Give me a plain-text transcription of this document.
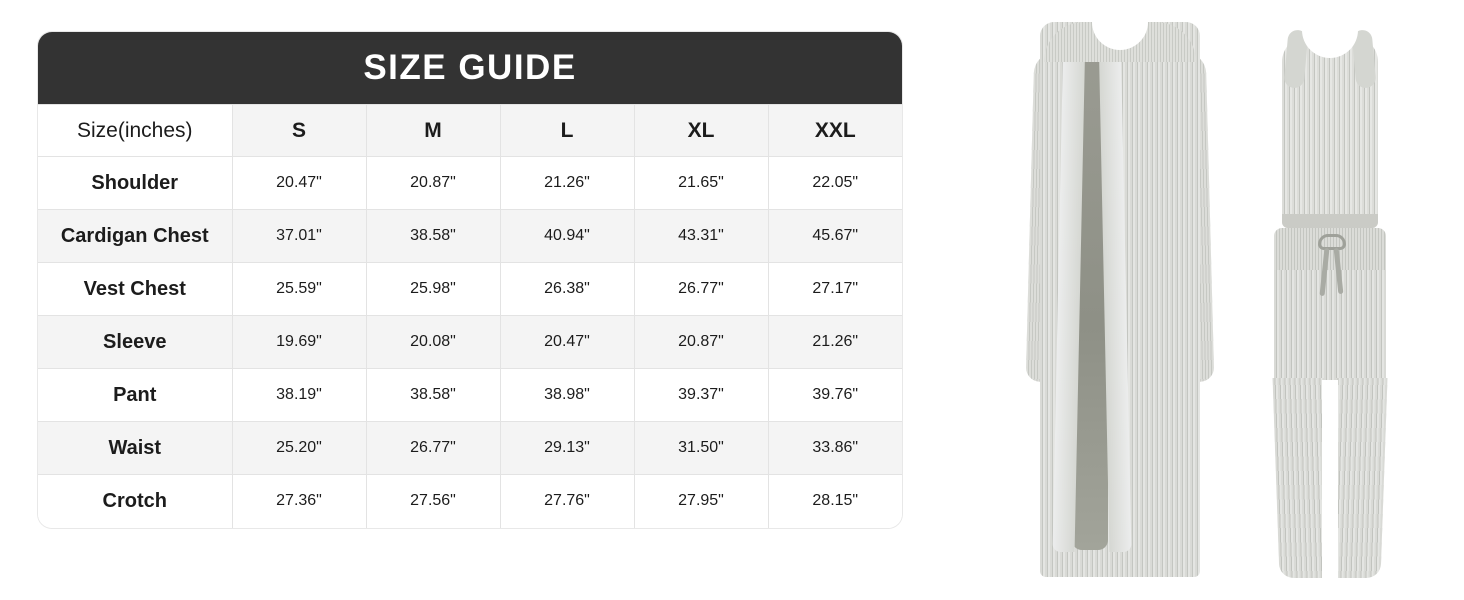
SIZE GUIDE
Size(inches)	S	M	L	XL	XXL
Shoulder	20.47"	20.87"	21.26"	21.65"	22.05"
Cardigan Chest	37.01"	38.58"	40.94"	43.31"	45.67"
Vest Chest	25.59"	25.98"	26.38"	26.77"	27.17"
Sleeve	19.69"	20.08"	20.47"	20.87"	21.26"
Pant	38.19"	38.58"	38.98"	39.37"	39.76"
Waist	25.20"	26.77"	29.13"	31.50"	33.86"
Crotch	27.36"	27.56"	27.76"	27.95"	28.15"
